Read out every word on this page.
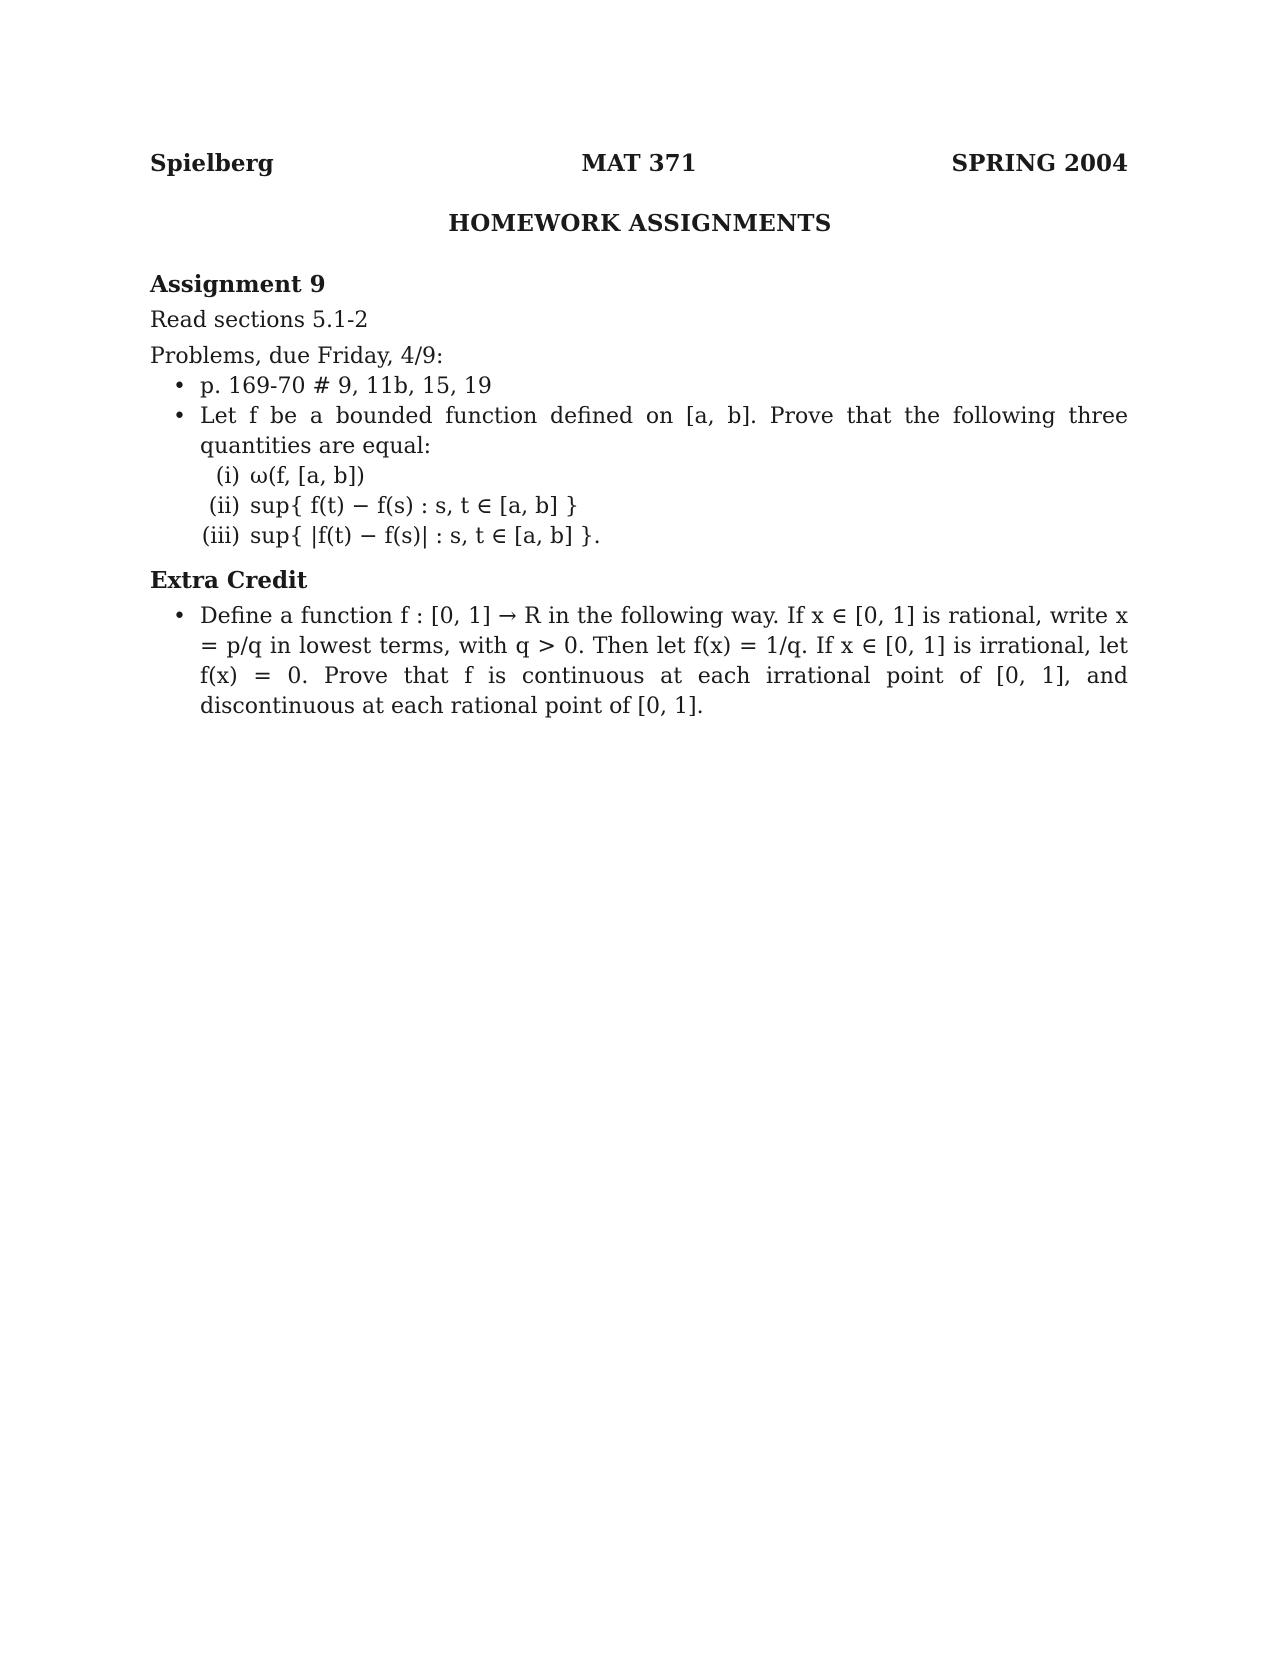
Spielberg	MAT 371	SPRING 2004
HOMEWORK ASSIGNMENTS
Assignment 9
Read sections 5.1-2
Problems, due Friday, 4/9:
• p. 169-70 # 9, 11b, 15, 19
• Let f be a bounded function defined on [a, b]. Prove that the following three quantities are equal:
(i) ω(f, [a, b])
(ii) sup{ f(t) − f(s) : s, t ∈ [a, b] }
(iii) sup{ |f(t) − f(s)| : s, t ∈ [a, b] }.
Extra Credit
• Define a function f : [0, 1] → R in the following way. If x ∈ [0, 1] is rational, write x = p/q in lowest terms, with q > 0. Then let f(x) = 1/q. If x ∈ [0, 1] is irrational, let f(x) = 0. Prove that f is continuous at each irrational point of [0, 1], and discontinuous at each rational point of [0, 1].
